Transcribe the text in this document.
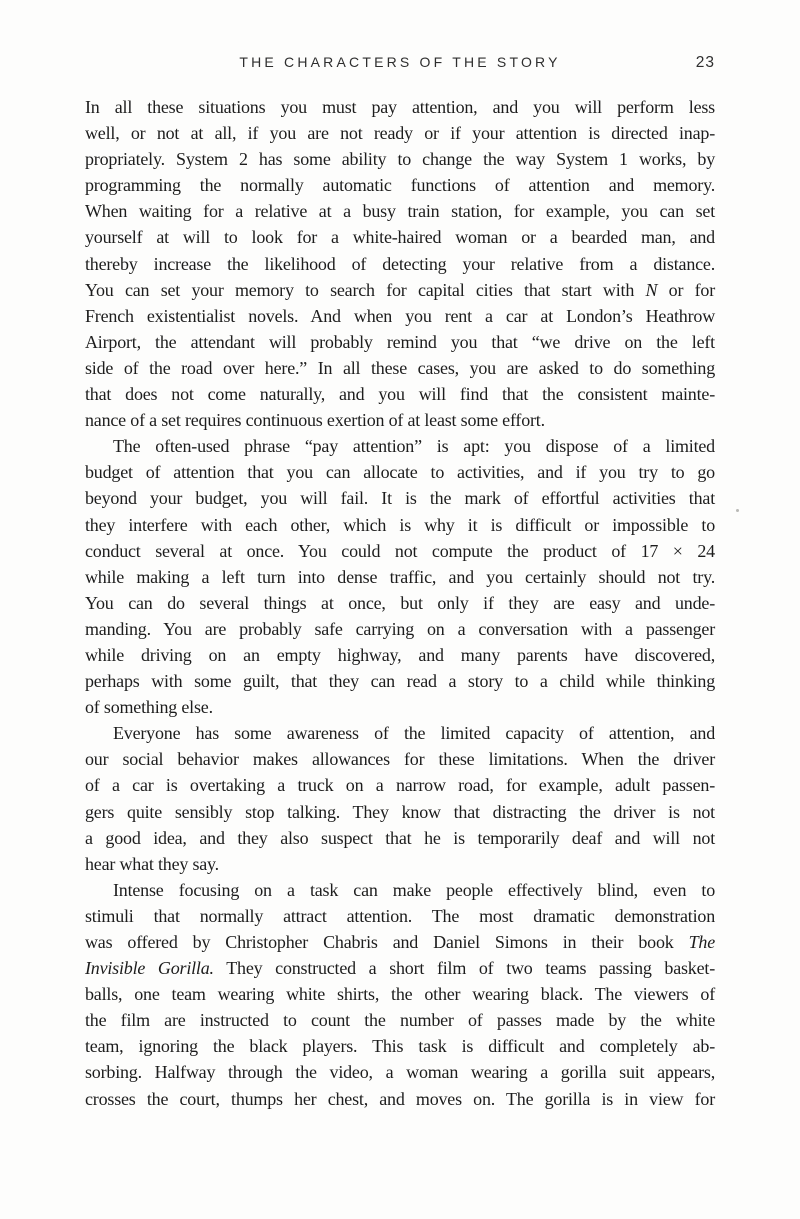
THE CHARACTERS OF THE STORY	23
In all these situations you must pay attention, and you will perform less
well, or not at all, if you are not ready or if your attention is directed inap-
propriately. System 2 has some ability to change the way System 1 works, by
programming the normally automatic functions of attention and memory.
When waiting for a relative at a busy train station, for example, you can set
yourself at will to look for a white-haired woman or a bearded man, and
thereby increase the likelihood of detecting your relative from a distance.
You can set your memory to search for capital cities that start with N or for
French existentialist novels. And when you rent a car at London’s Heathrow
Airport, the attendant will probably remind you that “we drive on the left
side of the road over here.” In all these cases, you are asked to do something
that does not come naturally, and you will find that the consistent mainte-
nance of a set requires continuous exertion of at least some effort.
The often-used phrase “pay attention” is apt: you dispose of a limited
budget of attention that you can allocate to activities, and if you try to go
beyond your budget, you will fail. It is the mark of effortful activities that
they interfere with each other, which is why it is difficult or impossible to
conduct several at once. You could not compute the product of 17 × 24
while making a left turn into dense traffic, and you certainly should not try.
You can do several things at once, but only if they are easy and unde-
manding. You are probably safe carrying on a conversation with a passenger
while driving on an empty highway, and many parents have discovered,
perhaps with some guilt, that they can read a story to a child while thinking
of something else.
Everyone has some awareness of the limited capacity of attention, and
our social behavior makes allowances for these limitations. When the driver
of a car is overtaking a truck on a narrow road, for example, adult passen-
gers quite sensibly stop talking. They know that distracting the driver is not
a good idea, and they also suspect that he is temporarily deaf and will not
hear what they say.
Intense focusing on a task can make people effectively blind, even to
stimuli that normally attract attention. The most dramatic demonstration
was offered by Christopher Chabris and Daniel Simons in their book The
Invisible Gorilla. They constructed a short film of two teams passing basket-
balls, one team wearing white shirts, the other wearing black. The viewers of
the film are instructed to count the number of passes made by the white
team, ignoring the black players. This task is difficult and completely ab-
sorbing. Halfway through the video, a woman wearing a gorilla suit appears,
crosses the court, thumps her chest, and moves on. The gorilla is in view for
